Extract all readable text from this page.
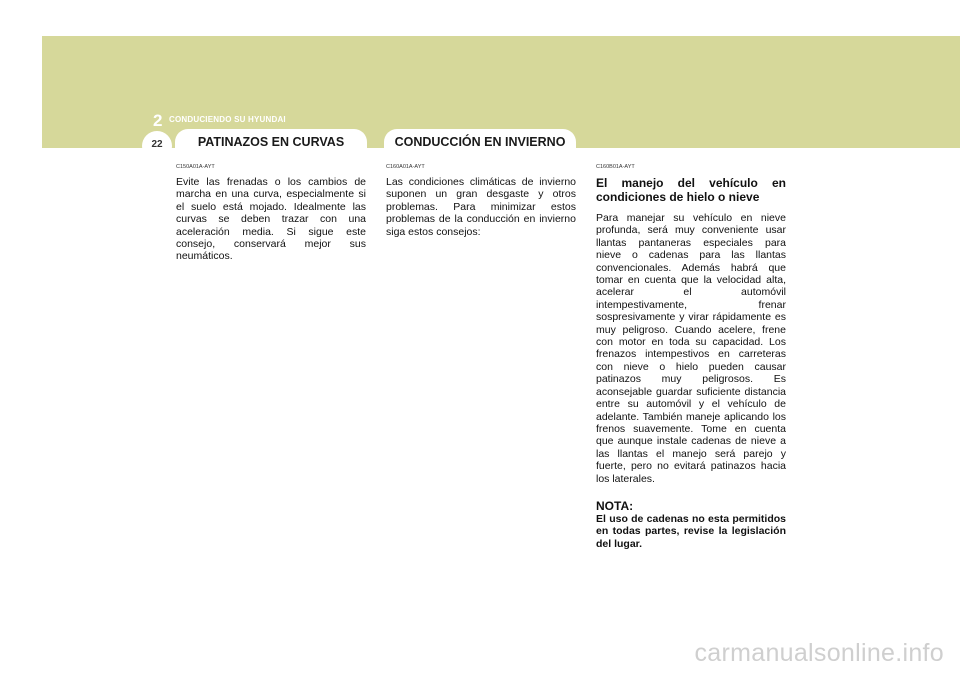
2 CONDUCIENDO SU HYUNDAI
22	PATINAZOS EN CURVAS	CONDUCCIÓN EN INVIERNO
C150A01A-AYT

Evite las frenadas o los cambios de marcha en una curva, especialmente si el suelo está mojado. Idealmente las curvas se deben trazar con una aceleración media. Si sigue este consejo, conservará mejor sus neumáticos.

C160A01A-AYT

Las condiciones climáticas de invierno suponen un gran desgaste y otros problemas. Para minimizar estos problemas de la conducción en invierno siga estos consejos:

C160B01A-AYT
El manejo del vehículo en condiciones de hielo o nieve

Para manejar su vehículo en nieve profunda, será muy conveniente usar llantas pantaneras especiales para nieve o cadenas para las llantas convencionales. Además habrá que tomar en cuenta que la velocidad alta, acelerar el automóvil intempestivamente, frenar sospresivamente y virar rápidamente es muy peligroso. Cuando acelere, frene con motor en toda su capacidad. Los frenazos intempestivos en carreteras con nieve o hielo pueden causar patinazos muy peligrosos. Es aconsejable guardar suficiente distancia entre su automóvil y el vehículo de adelante. También maneje aplicando los frenos suavemente. Tome en cuenta que aunque instale cadenas de nieve a las llantas el manejo será parejo y fuerte, pero no evitará patinazos hacia los laterales.

NOTA:

El uso de cadenas no esta permitidos en todas partes, revise la legislación del lugar.

carmanualsonline.info
